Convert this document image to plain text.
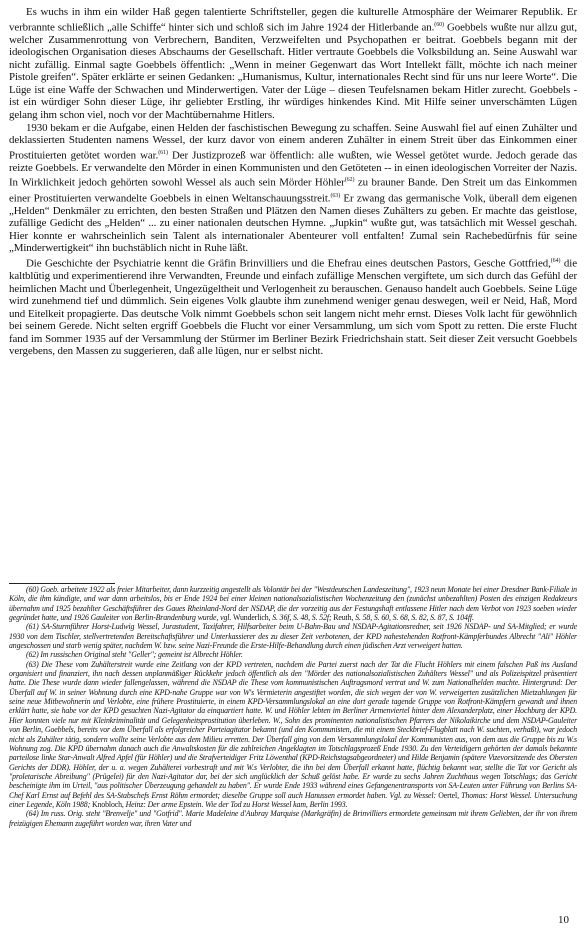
Es wuchs in ihm ein wilder Haß gegen talentierte Schriftsteller, gegen die kulturelle Atmosphäre der Weimarer Republik. Er verbrannte schließlich „alle Schiffe“ hinter sich und schloß sich im Jahre 1924 der Hitlerbande an.$^{(60)}$ Goebbels wußte nur allzu gut, welcher Zusammenrottung von Verbrechern, Banditen, Verzweifelten und Psychopathen er beitrat. Goebbels begann mit der ideologischen Organisation dieses Abschaums der Gesellschaft. Hitler vertraute Goebbels die Volksbildung an. Seine Auswahl war nicht zufällig. Einmal sagte Goebbels öffentlich: „Wenn in meiner Gegenwart das Wort Intellekt fällt, möchte ich nach meiner Pistole greifen“. Später erklärte er seinen Gedanken: „Humanismus, Kultur, internationales Recht sind für uns nur leere Worte“. Die Lüge ist eine Waffe der Schwachen und Minderwertigen. Vater der Lüge – diesen Teufelsnamen bekam Hitler zurecht. Goebbels - ist ein würdiger Sohn dieser Lüge, ihr geliebter Erstling, ihr würdiges hinkendes Kind. Mit Hilfe seiner unverschämten Lügen gelang ihm schon viel, noch vor der Machtübernahme Hitlers.

1930 bekam er die Aufgabe, einen Helden der faschistischen Bewegung zu schaffen. Seine Auswahl fiel auf einen Zuhälter und deklassierten Studenten namens Wessel, der kurz davor von einem anderen Zuhälter in einem Streit über das Einkommen einer Prostituierten getötet worden war.$^{(61)}$ Der Justizprozeß war öffentlich: alle wußten, wie Wessel getötet wurde. Jedoch gerade das reizte Goebbels. Er verwandelte den Mörder in einen Kommunisten und den Getöteten -- in einen ideologischen Vorreiter der Nazis. In Wirklichkeit jedoch gehörten sowohl Wessel als auch sein Mörder Höhler$^{(62)}$ zu brauner Bande. Den Streit um das Einkommen einer Prostituierten verwandelte Goebbels in einen Weltanschauungsstreit.$^{(63)}$ Er zwang das germanische Volk, überall dem eigenen „Helden“ Denkmäler zu errichten, den besten Straßen und Plätzen den Namen dieses Zuhälters zu geben. Er machte das geistlose, zufällige Gedicht des „Helden“ ... zu einer nationalen deutschen Hymne. „Jupkin“ wußte gut, was tatsächlich mit Wessel geschah. Hier konnte er wahrscheinlich sein Talent als internationaler Abenteurer voll entfalten! Zumal sein Rachebedürfnis für seine „Minderwertigkeit“ ihn buchstäblich nicht in Ruhe läßt.

Die Geschichte der Psychiatrie kennt die Gräfin Brinvilliers und die Ehefrau eines deutschen Pastors, Gesche Gottfried,$^{(64)}$ die kaltblütig und experimentierend ihre Verwandten, Freunde und einfach zufällige Menschen vergiftete, um sich durch das Gefühl der heimlichen Macht und Überlegenheit, Ungezügeltheit und Verlogenheit zu berauschen. Genauso handelt auch Goebbels. Seine Lüge wird zunehmend tief und dümmlich. Sein eigenes Volk glaubte ihm zunehmend weniger genau deswegen, weil er Neid, Haß, Mord und Eitelkeit propagierte. Das deutsche Volk nimmt Goebbels schon seit langem nicht mehr ernst. Dieses Volk lacht für gewöhnlich bei seinem Gerede. Nicht selten ergriff Goebbels die Flucht vor einer Versammlung, um sich vom Spott zu retten. Die erste Flucht fand im Sommer 1935 auf der Versammlung der Stürmer im Berliner Bezirk Friedrichshain statt. Seit dieser Zeit versucht Goebbels vergebens, den Massen zu suggerieren, daß alle lügen, nur er selbst nicht.

(60) Goeb. arbeitete 1922 als freier Mitarbeiter, dann kurzzeitig angestellt als Volontär bei der "Westdeutschen Landeszeitung", 1923 neun Monate bei einer Dresdner Bank-Filiale in Köln, die ihm kündigte, und war dann arbeitslos, bis er Ende 1924 bei einer kleinen nationalsozialistischen Wochenzeitung den (zunächst unbezahlten) Posten des einzigen Redakteurs übernahm und 1925 bezahlter Geschäftsführer des Gaues Rheinland-Nord der NSDAP, die der vorzeitig aus der Festungshaft entlassene Hitler nach dem Verbot von 1923 soeben wieder gegründet hatte, und 1926 Gauleiter von Berlin-Brandenburg wurde, vgl. Wunderlich, S. 36f, S. 48, S. 52f; Reuth, S. 58, S. 60, S. 68, S. 82, S. 87, S. 104ff.

(61) SA-Sturmführer Horst-Ludwig Wessel, Jurastudent, Taxifahrer, Hilfsarbeiter beim U-Bahn-Bau und NSDAP-Agitationsredner, seit 1926 NSDAP- und SA-Mitglied; er wurde 1930 von dem Tischler, stellvertretenden Bereitschaftsführer und Unterkassierer des zu dieser Zeit verbotenen, der KPD nahestehenden Rotfront-Kämpferbundes Albrecht "Ali" Höhler angeschossen und starb wenig später, nachdem W. bzw. seine Nazi-Freunde die Erste-Hilfe-Behandlung durch einen jüdischen Arzt verweigert hatten.

(62) Im russischen Original steht "Geller"; gemeint ist Albrecht Höhler.

(63) Die These vom Zuhälterstreit wurde eine Zeitlang von der KPD vertreten, nachdem die Partei zuerst nach der Tat die Flucht Höhlers mit einem falschen Paß ins Ausland organisiert und finanziert, ihn nach dessen unplanmäßiger Rückkehr jedoch öffentlich als den "Mörder des nationalsozialistischen Zuhälters Wessel" und als Polizeispitzel präsentiert hatte. Die These wurde dann wieder fallengelassen, während die NSDAP die These vom kommunistischen Auftragsmord vertrat und W. zum Nationalhelden machte. Hintergrund: Der Überfall auf W. in seiner Wohnung durch eine KPD-nahe Gruppe war von W's Vermieterin angestiftet worden, die sich wegen der von W. verweigerten zusätzlichen Mietzahlungen für seine neue Mitbewohnerin und Verlobte, eine frühere Prostituierte, in einem KPD-Versammlungslokal an eine dort gerade tagende Gruppe von Rotfront-Kämpfern gewandt und ihnen erklärt hatte, sie habe vor der KPD gesuchten Nazi-Agitator da einquartiert hatte. W. und Höhler lebten im Berliner Armenviertel hinter dem Alexanderplatz, einer Hochburg der KPD. Hier konnten viele nur mit Kleinkriminalität und Gelegenheitsprostitution überleben. W., Sohn des prominenten nationalistischen Pfarrers der Nikolaikirche und dem NSDAP-Gauleiter von Berlin, Goebbels, bereits vor dem Überfall als erfolgreicher Parteiagitator bekannt (und den Kommunisten, die mit einem Steckbrief-Flugblatt nach W. suchten, verhaßt), war jedoch nicht als Zuhälter tätig, sondern wollte seine Verlobte aus dem Milieu erretten. Der Überfall ging von dem Versammlungslokal der Kommunisten aus, von dem aus die Gruppe bis zu W.s Wohnung zog. Die KPD übernahm danach auch die Anwaltskosten für die zahlreichen Angeklagten im Totschlagsprozeß Ende 1930. Zu den Verteidigern gehörten der damals bekannte parteilose linke Star-Anwalt Alfred Apfel (für Höhler) und die Strafverteidiger Fritz Löwenthal (KPD-Reichstagsabgeordneter) und Hilde Benjamin (spätere Vizevorsitzende des Obersten Gerichts der DDR). Höhler, der u. a. wegen Zuhälterei vorbestraft und mit W.s Verlobter, die ihn bei dem Überfall erkannt hatte, flüchtig bekannt war, stellte die Tat vor Gericht als "proletarische Abreibung" (Prügelei) für den Nazi-Agitator dar, bei der sich unglücklich der Schuß gelöst habe. Er wurde zu sechs Jahren Zuchthaus wegen Totschlags; das Gericht bescheinigte ihm im Urteil, "aus politischer Überzeugung gehandelt zu haben". Er wurde Ende 1933 während eines Gefangenentransports von SA-Leuten unter Führung von Berlins SA-Chef Karl Ernst auf Befehl des SA-Stabschefs Ernst Röhm ermordet; dieselbe Gruppe soll auch Hanussen ermordet haben. Vgl. zu Wessel: Oertel, Thomas: Horst Wessel. Untersuchung einer Legende, Köln 1988; Knobloch, Heinz: Der arme Epstein. Wie der Tod zu Horst Wessel kam, Berlin 1993.

(64) Im russ. Orig. steht "Brenvelje" und "Gotfrid". Marie Madeleine d'Aubray Marquise (Markgräfin) de Brinvilliers ermordete gemeinsam mit ihrem Geliebten, der ihr von ihrem freizügigen Ehemann zugeführt worden war, ihren Vater und

10
